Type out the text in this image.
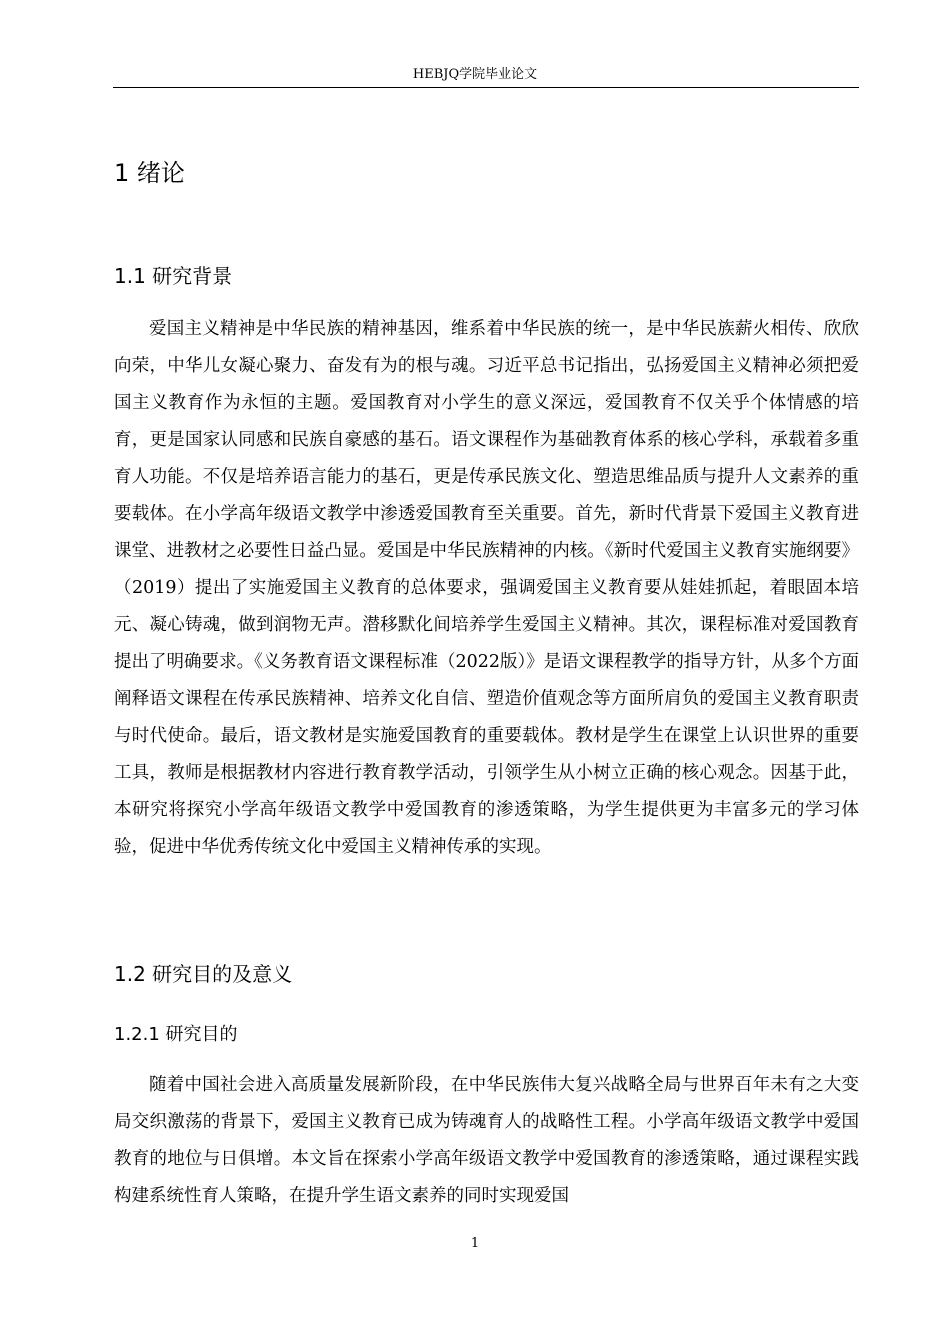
HEBJQ学院毕业论文
1 绪论
1.1 研究背景

爱国主义精神是中华民族的精神基因，维系着中华民族的统一，是中华民族薪火相传、欣欣向荣，中华儿女凝心聚力、奋发有为的根与魂。习近平总书记指出，弘扬爱国主义精神必须把爱国主义教育作为永恒的主题。爱国教育对小学生的意义深远，爱国教育不仅关乎个体情感的培育，更是国家认同感和民族自豪感的基石。语文课程作为基础教育体系的核心学科，承载着多重育人功能。不仅是培养语言能力的基石，更是传承民族文化、塑造思维品质与提升人文素养的重要载体。在小学高年级语文教学中渗透爱国教育至关重要。首先，新时代背景下爱国主义教育进课堂、进教材之必要性日益凸显。爱国是中华民族精神的内核。《新时代爱国主义教育实施纲要》（2019）提出了实施爱国主义教育的总体要求，强调爱国主义教育要从娃娃抓起，着眼固本培元、凝心铸魂，做到润物无声。潜移默化间培养学生爱国主义精神。其次，课程标准对爱国教育提出了明确要求。《义务教育语文课程标准（2022版）》是语文课程教学的指导方针，从多个方面阐释语文课程在传承民族精神、培养文化自信、塑造价值观念等方面所肩负的爱国主义教育职责与时代使命。最后，语文教材是实施爱国教育的重要载体。教材是学生在课堂上认识世界的重要工具，教师是根据教材内容进行教育教学活动，引领学生从小树立正确的核心观念。因基于此，本研究将探究小学高年级语文教学中爱国教育的渗透策略，为学生提供更为丰富多元的学习体验，促进中华优秀传统文化中爱国主义精神传承的实现。

1.2 研究目的及意义
1.2.1 研究目的

随着中国社会进入高质量发展新阶段，在中华民族伟大复兴战略全局与世界百年未有之大变局交织激荡的背景下，爱国主义教育已成为铸魂育人的战略性工程。小学高年级语文教学中爱国教育的地位与日俱增。本文旨在探索小学高年级语文教学中爱国教育的渗透策略，通过课程实践构建系统性育人策略，在提升学生语文素养的同时实现爱国

1
